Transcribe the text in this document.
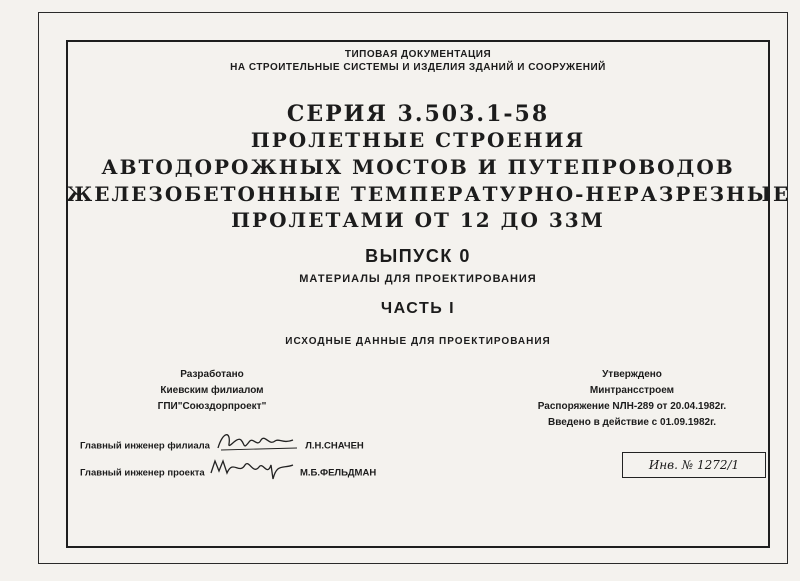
ТИПОВАЯ ДОКУМЕНТАЦИЯ
НА СТРОИТЕЛЬНЫЕ СИСТЕМЫ И ИЗДЕЛИЯ ЗДАНИЙ И СООРУЖЕНИЙ
СЕРИЯ 3.503.1-58
ПРОЛЕТНЫЕ СТРОЕНИЯ
АВТОДОРОЖНЫХ МОСТОВ И ПУТЕПРОВОДОВ
ЖЕЛЕЗОБЕТОННЫЕ ТЕМПЕРАТУРНО-НЕРАЗРЕЗНЫЕ
ПРОЛЕТАМИ ОТ 12 ДО 33М
ВЫПУСК 0
МАТЕРИАЛЫ ДЛЯ ПРОЕКТИРОВАНИЯ
ЧАСТЬ I
ИСХОДНЫЕ ДАННЫЕ ДЛЯ ПРОЕКТИРОВАНИЯ
Разработано
Киевским филиалом
ГПИ"Союздорпроект"
Утверждено
Минтрансстроем
Распоряжение NЛН-289 от 20.04.1982г.
Введено в действие с 01.09.1982г.
Главный инженер филиала	Л.Н.СНАЧЕН
Главный инженер проекта	М.Б.ФЕЛЬДМАН
Инв. № 1272/1
